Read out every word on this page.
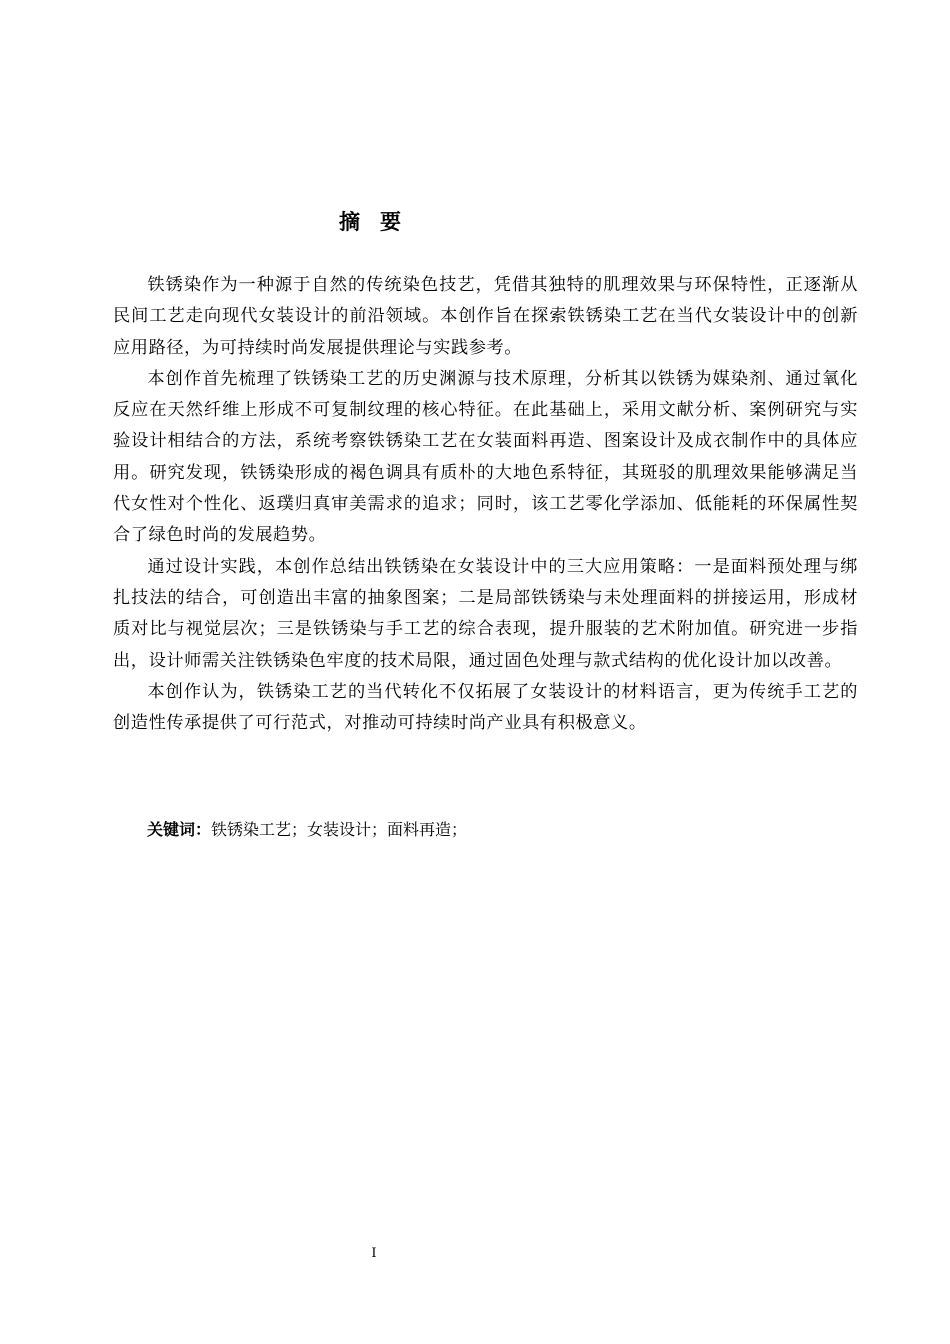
摘要

铁锈染作为一种源于自然的传统染色技艺，凭借其独特的肌理效果与环保特性，正逐渐从民间工艺走向现代女装设计的前沿领域。本创作旨在探索铁锈染工艺在当代女装设计中的创新应用路径，为可持续时尚发展提供理论与实践参考。

本创作首先梳理了铁锈染工艺的历史渊源与技术原理，分析其以铁锈为媒染剂、通过氧化反应在天然纤维上形成不可复制纹理的核心特征。在此基础上，采用文献分析、案例研究与实验设计相结合的方法，系统考察铁锈染工艺在女装面料再造、图案设计及成衣制作中的具体应用。研究发现，铁锈染形成的褐色调具有质朴的大地色系特征，其斑驳的肌理效果能够满足当代女性对个性化、返璞归真审美需求的追求；同时，该工艺零化学添加、低能耗的环保属性契合了绿色时尚的发展趋势。

通过设计实践，本创作总结出铁锈染在女装设计中的三大应用策略：一是面料预处理与绑扎技法的结合，可创造出丰富的抽象图案；二是局部铁锈染与未处理面料的拼接运用，形成材质对比与视觉层次；三是铁锈染与手工艺的综合表现，提升服装的艺术附加值。研究进一步指出，设计师需关注铁锈染色牢度的技术局限，通过固色处理与款式结构的优化设计加以改善。

本创作认为，铁锈染工艺的当代转化不仅拓展了女装设计的材料语言，更为传统手工艺的创造性传承提供了可行范式，对推动可持续时尚产业具有积极意义。

关键词：铁锈染工艺；女装设计；面料再造；
I
